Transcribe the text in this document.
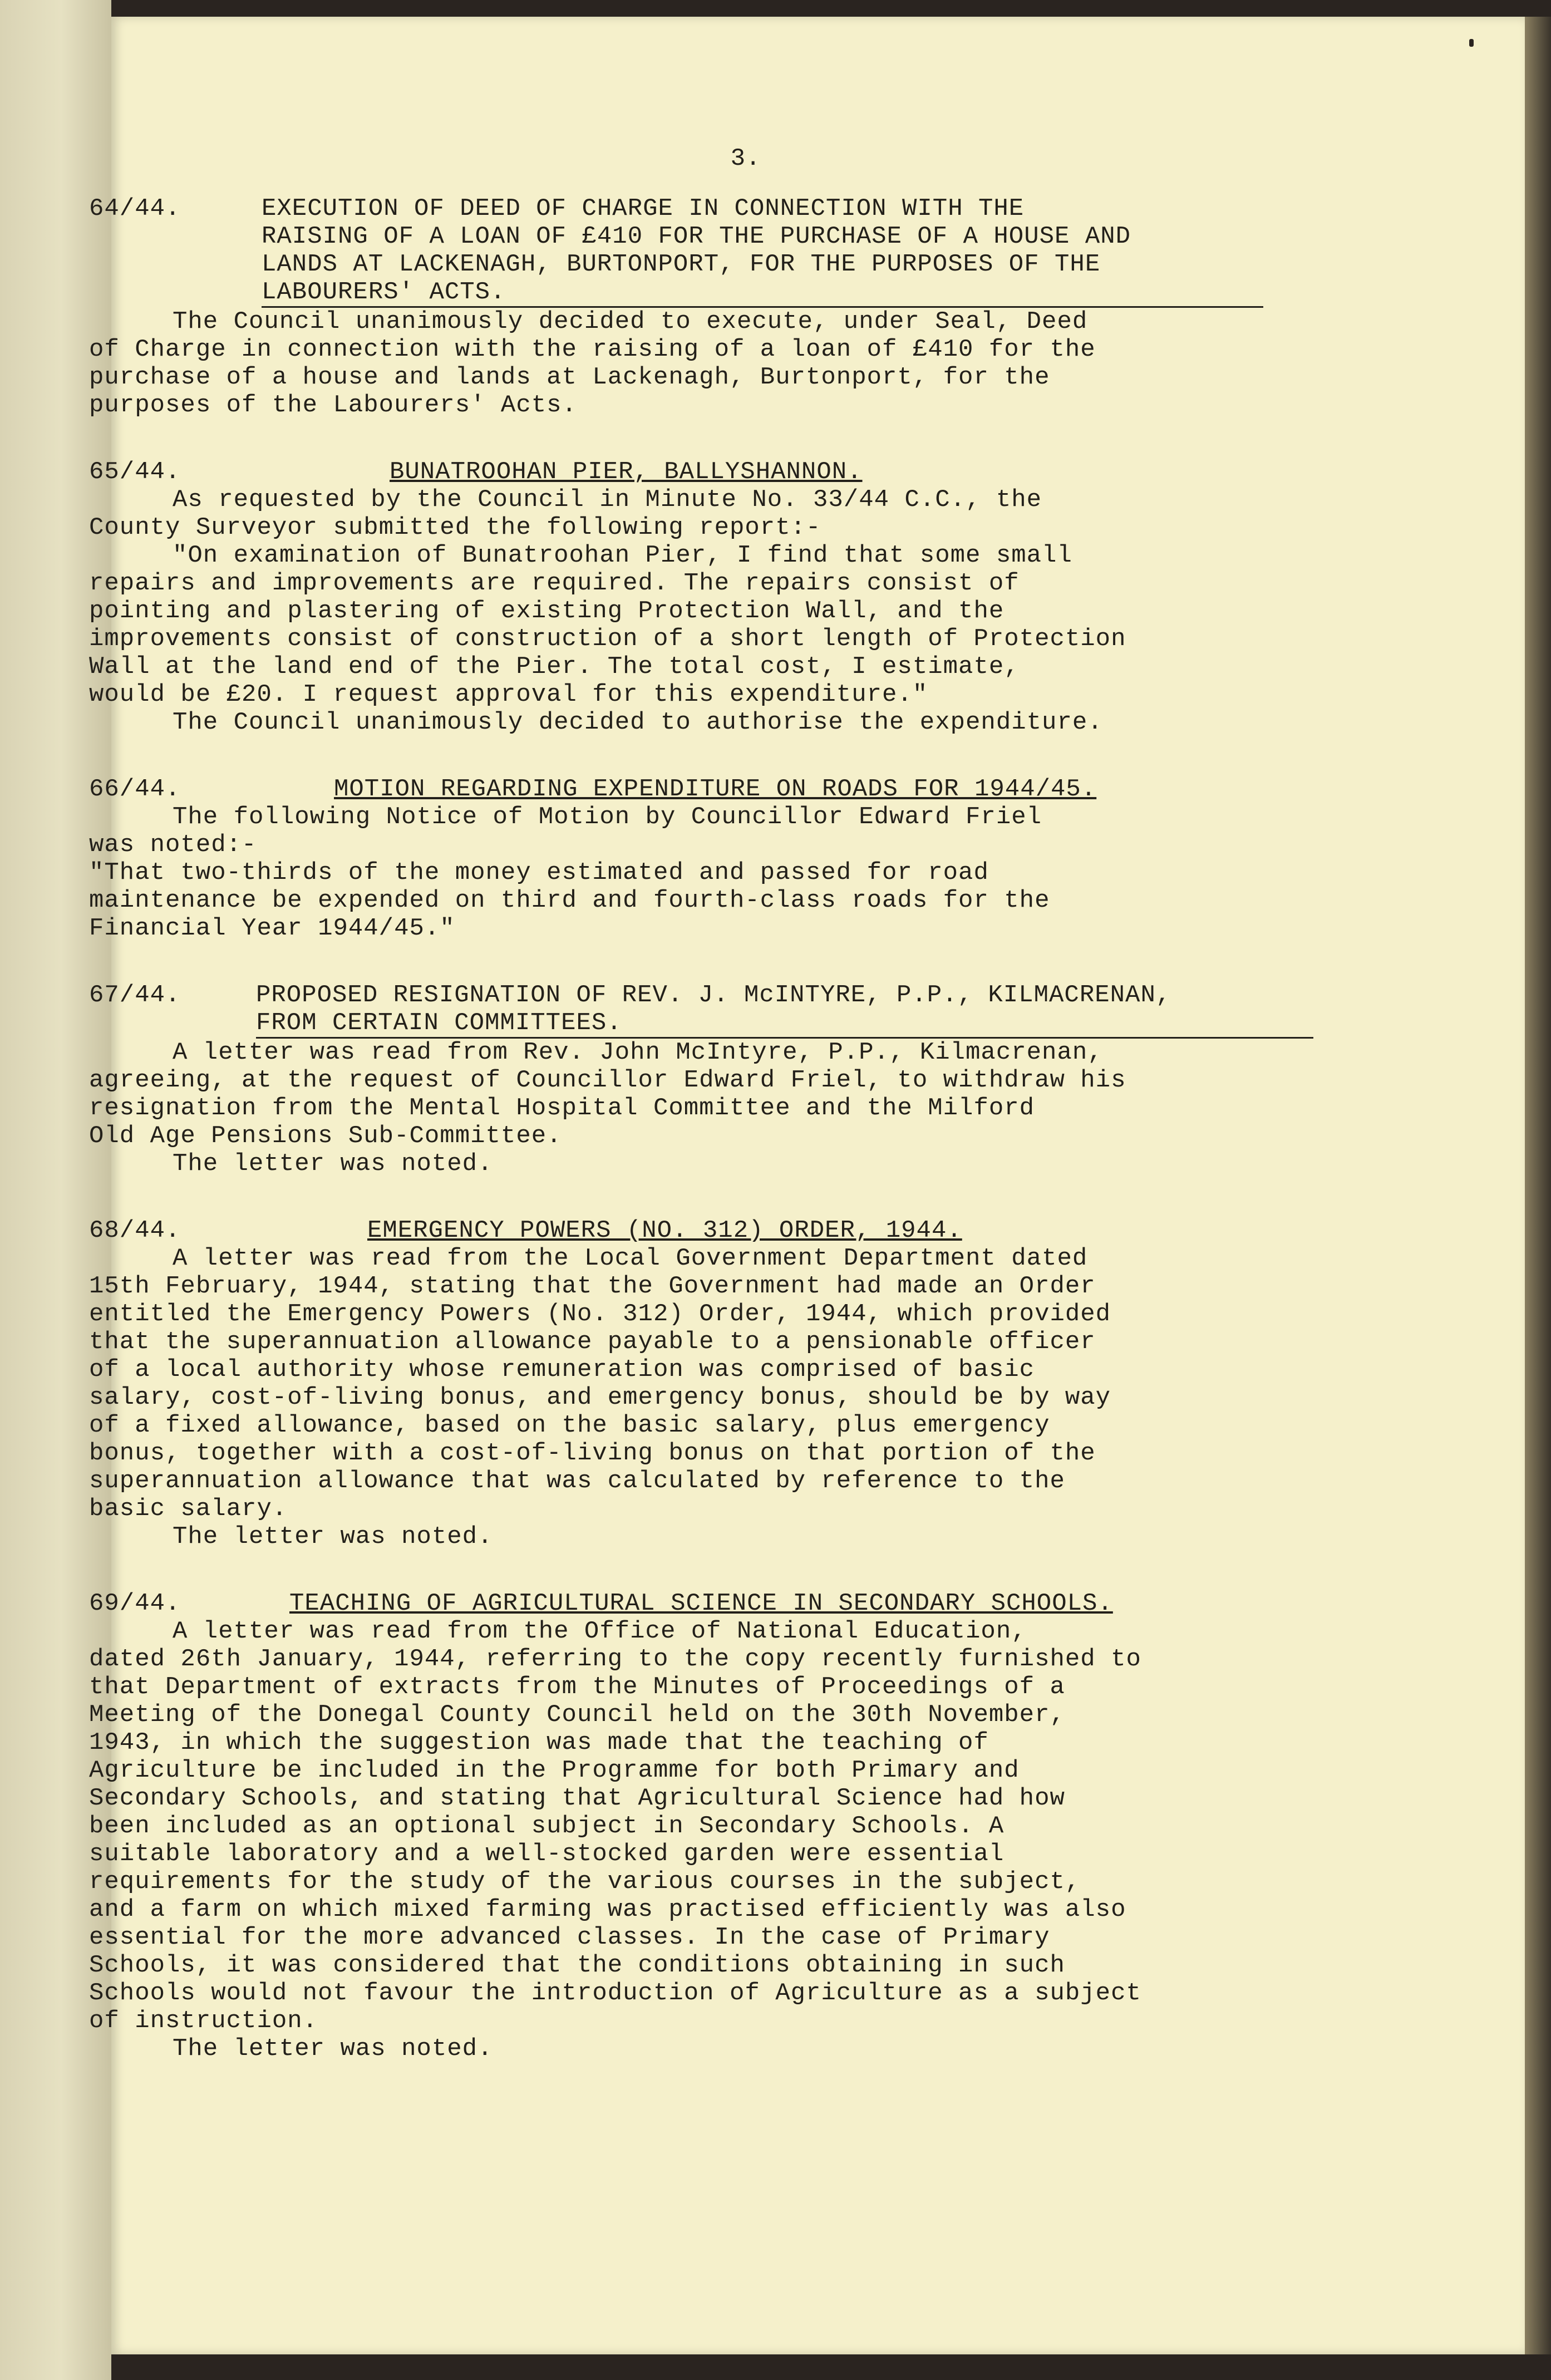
3.
64/44.	EXECUTION OF DEED OF CHARGE IN CONNECTION WITH THE
RAISING OF A LOAN OF £410 FOR THE PURCHASE OF A HOUSE AND
LANDS AT LACKENAGH, BURTONPORT, FOR THE PURPOSES OF THE
LABOURERS' ACTS.

The Council unanimously decided to execute, under Seal, Deed
of Charge in connection with the raising of a loan of £410 for the
purchase of a house and lands at Lackenagh, Burtonport, for the
purposes of the Labourers' Acts.

65/44.	BUNATROOHAN PIER, BALLYSHANNON.

As requested by the Council in Minute No. 33/44 C.C., the
County Surveyor submitted the following report:-

"On examination of Bunatroohan Pier, I find that some small
repairs and improvements are required. The repairs consist of
pointing and plastering of existing Protection Wall, and the
improvements consist of construction of a short length of Protection
Wall at the land end of the Pier. The total cost, I estimate,
would be £20. I request approval for this expenditure."

The Council unanimously decided to authorise the expenditure.

66/44.	MOTION REGARDING EXPENDITURE ON ROADS FOR 1944/45.

The following Notice of Motion by Councillor Edward Friel
was noted:-

"That two-thirds of the money estimated and passed for road
maintenance be expended on third and fourth-class roads for the
Financial Year 1944/45."

67/44.	PROPOSED RESIGNATION OF REV. J. McINTYRE, P.P., KILMACRENAN,
FROM CERTAIN COMMITTEES.

A letter was read from Rev. John McIntyre, P.P., Kilmacrenan,
agreeing, at the request of Councillor Edward Friel, to withdraw his
resignation from the Mental Hospital Committee and the Milford
Old Age Pensions Sub-Committee.

The letter was noted.

68/44.	EMERGENCY POWERS (NO. 312) ORDER, 1944.

A letter was read from the Local Government Department dated
15th February, 1944, stating that the Government had made an Order
entitled the Emergency Powers (No. 312) Order, 1944, which provided
that the superannuation allowance payable to a pensionable officer
of a local authority whose remuneration was comprised of basic
salary, cost-of-living bonus, and emergency bonus, should be by way
of a fixed allowance, based on the basic salary, plus emergency
bonus, together with a cost-of-living bonus on that portion of the
superannuation allowance that was calculated by reference to the
basic salary.

The letter was noted.

69/44.	TEACHING OF AGRICULTURAL SCIENCE IN SECONDARY SCHOOLS.

A letter was read from the Office of National Education,
dated 26th January, 1944, referring to the copy recently furnished to
that Department of extracts from the Minutes of Proceedings of a
Meeting of the Donegal County Council held on the 30th November,
1943, in which the suggestion was made that the teaching of
Agriculture be included in the Programme for both Primary and
Secondary Schools, and stating that Agricultural Science had how
been included as an optional subject in Secondary Schools. A
suitable laboratory and a well-stocked garden were essential
requirements for the study of the various courses in the subject,
and a farm on which mixed farming was practised efficiently was also
essential for the more advanced classes. In the case of Primary
Schools, it was considered that the conditions obtaining in such
Schools would not favour the introduction of Agriculture as a subject
of instruction.

The letter was noted.
